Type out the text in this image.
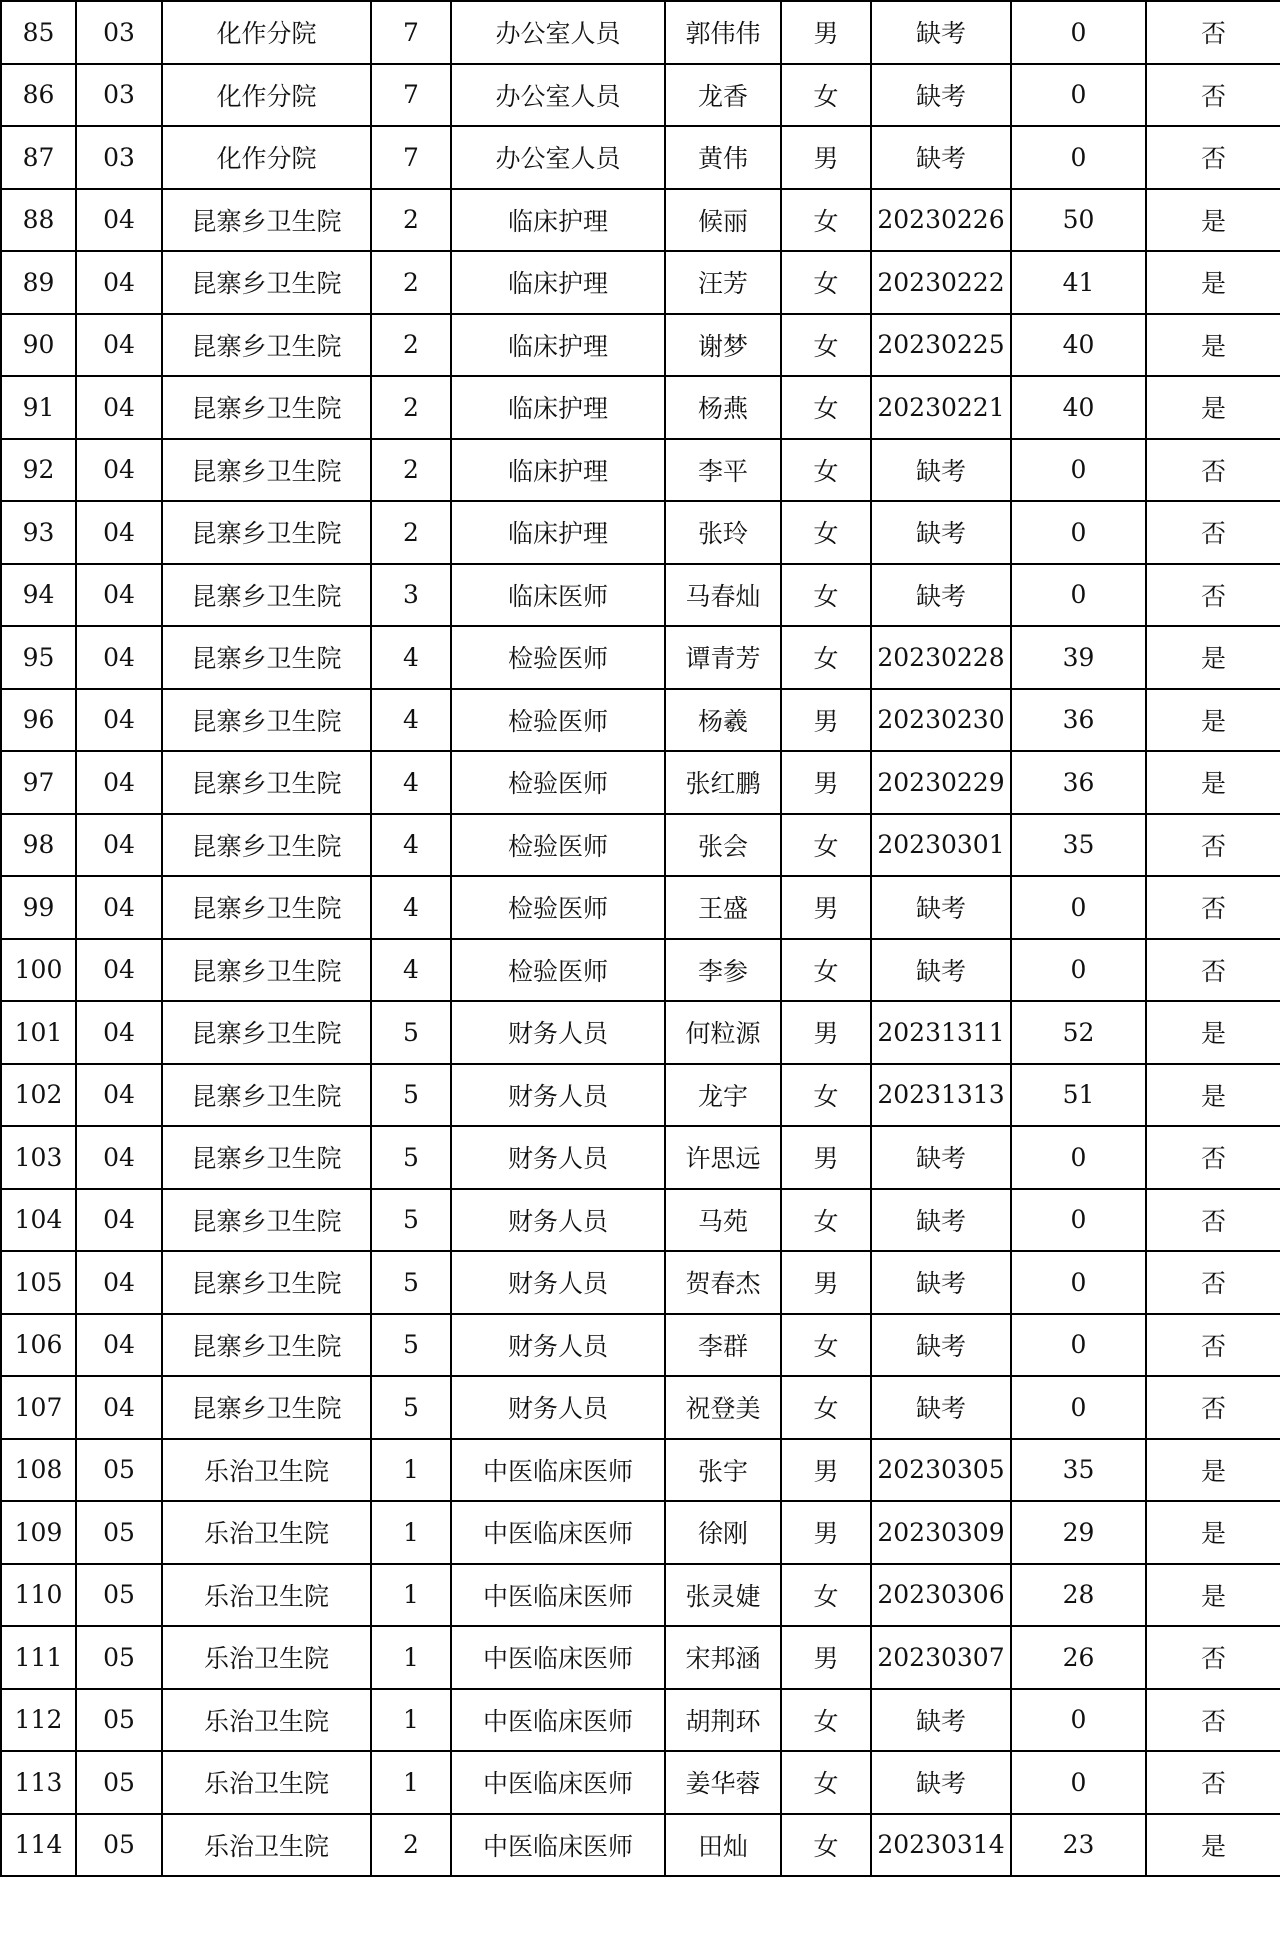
85	03	化作分院	7	办公室人员	郭伟伟	男	缺考	0	否
86	03	化作分院	7	办公室人员	龙香	女	缺考	0	否
87	03	化作分院	7	办公室人员	黄伟	男	缺考	0	否
88	04	昆寨乡卫生院	2	临床护理	候丽	女	20230226	50	是
89	04	昆寨乡卫生院	2	临床护理	汪芳	女	20230222	41	是
90	04	昆寨乡卫生院	2	临床护理	谢梦	女	20230225	40	是
91	04	昆寨乡卫生院	2	临床护理	杨燕	女	20230221	40	是
92	04	昆寨乡卫生院	2	临床护理	李平	女	缺考	0	否
93	04	昆寨乡卫生院	2	临床护理	张玲	女	缺考	0	否
94	04	昆寨乡卫生院	3	临床医师	马春灿	女	缺考	0	否
95	04	昆寨乡卫生院	4	检验医师	谭青芳	女	20230228	39	是
96	04	昆寨乡卫生院	4	检验医师	杨羲	男	20230230	36	是
97	04	昆寨乡卫生院	4	检验医师	张红鹏	男	20230229	36	是
98	04	昆寨乡卫生院	4	检验医师	张会	女	20230301	35	否
99	04	昆寨乡卫生院	4	检验医师	王盛	男	缺考	0	否
100	04	昆寨乡卫生院	4	检验医师	李参	女	缺考	0	否
101	04	昆寨乡卫生院	5	财务人员	何粒源	男	20231311	52	是
102	04	昆寨乡卫生院	5	财务人员	龙宇	女	20231313	51	是
103	04	昆寨乡卫生院	5	财务人员	许思远	男	缺考	0	否
104	04	昆寨乡卫生院	5	财务人员	马苑	女	缺考	0	否
105	04	昆寨乡卫生院	5	财务人员	贺春杰	男	缺考	0	否
106	04	昆寨乡卫生院	5	财务人员	李群	女	缺考	0	否
107	04	昆寨乡卫生院	5	财务人员	祝登美	女	缺考	0	否
108	05	乐治卫生院	1	中医临床医师	张宇	男	20230305	35	是
109	05	乐治卫生院	1	中医临床医师	徐刚	男	20230309	29	是
110	05	乐治卫生院	1	中医临床医师	张灵婕	女	20230306	28	是
111	05	乐治卫生院	1	中医临床医师	宋邦涵	男	20230307	26	否
112	05	乐治卫生院	1	中医临床医师	胡荆环	女	缺考	0	否
113	05	乐治卫生院	1	中医临床医师	姜华蓉	女	缺考	0	否
114	05	乐治卫生院	2	中医临床医师	田灿	女	20230314	23	是
